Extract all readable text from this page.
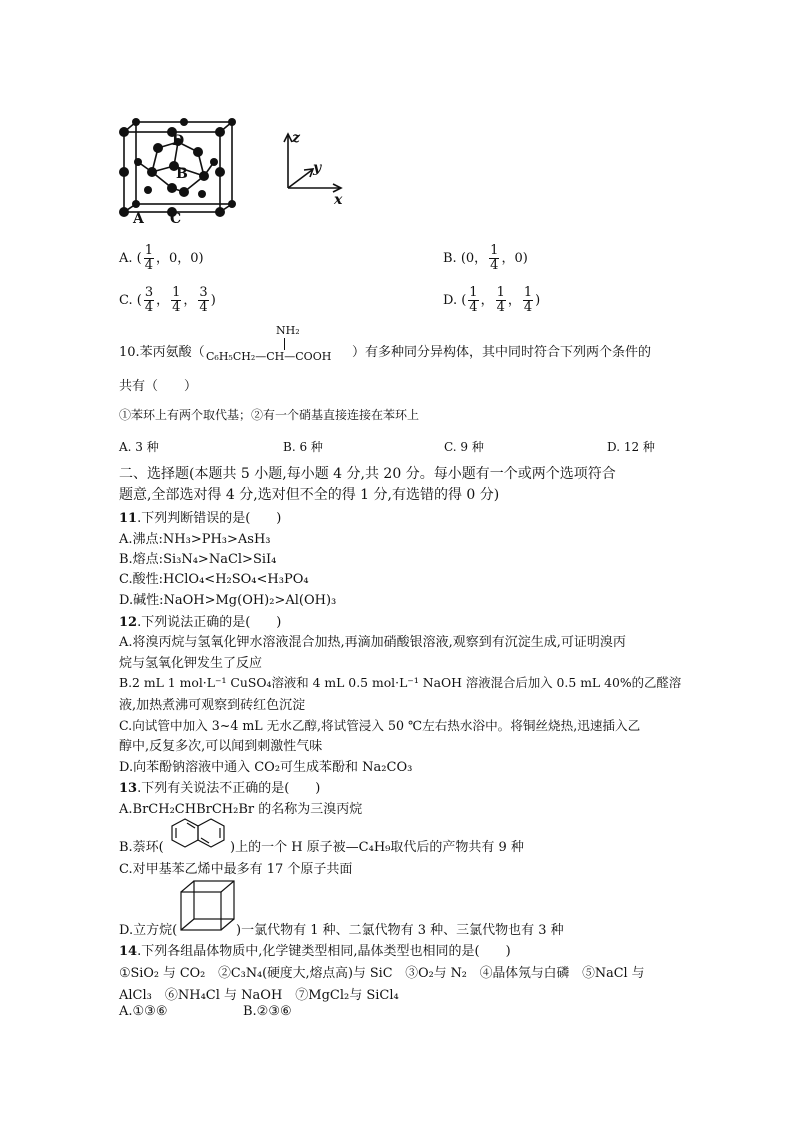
D
B
A C
z
y
x
A. ( $\frac{1}{4}$ ，0，0)	B. (0， $\frac{1}{4}$ ，0)
C. ( $\frac{3}{4}$ ， $\frac{1}{4}$ ， $\frac{3}{4}$ )	D. ( $\frac{1}{4}$ ， $\frac{1}{4}$ ， $\frac{1}{4}$ )
10.苯丙氨酸（
NH₂
C₆H₅CH₂—CH—COOH ）有多种同分异构体，其中同时符合下列两个条件的
共有（　　）
①苯环上有两个取代基；②有一个硝基直接连接在苯环上
A. 3 种	B. 6 种	C. 9 种	D. 12 种
二、选择题(本题共 5 小题,每小题 4 分,共 20 分。每小题有一个或两个选项符合
题意,全部选对得 4 分,选对但不全的得 1 分,有选错的得 0 分)
11.下列判断错误的是(　　)
A.沸点:NH₃>PH₃>AsH₃
B.熔点:Si₃N₄>NaCl>SiI₄
C.酸性:HClO₄<H₂SO₄<H₃PO₄
D.碱性:NaOH>Mg(OH)₂>Al(OH)₃
12.下列说法正确的是(　　)
A.将溴丙烷与氢氧化钾水溶液混合加热,再滴加硝酸银溶液,观察到有沉淀生成,可证明溴丙
烷与氢氧化钾发生了反应
B.2 mL 1 mol·L⁻¹ CuSO₄溶液和 4 mL 0.5 mol·L⁻¹ NaOH 溶液混合后加入 0.5 mL 40%的乙醛溶
液,加热煮沸可观察到砖红色沉淀
C.向试管中加入 3~4 mL 无水乙醇,将试管浸入 50 ℃左右热水浴中。将铜丝烧热,迅速插入乙
醇中,反复多次,可以闻到刺激性气味
D.向苯酚钠溶液中通入 CO₂可生成苯酚和 Na₂CO₃
13.下列有关说法不正确的是(　　)
A.BrCH₂CHBrCH₂Br 的名称为三溴丙烷
B.萘环(	)上的一个 H 原子被—C₄H₉取代后的产物共有 9 种
C.对甲基苯乙烯中最多有 17 个原子共面
D.立方烷(	)一氯代物有 1 种、二氯代物有 3 种、三氯代物也有 3 种
14.下列各组晶体物质中,化学键类型相同,晶体类型也相同的是(　　)
①SiO₂ 与 CO₂　②C₃N₄(硬度大,熔点高)与 SiC　③O₂与 N₂　④晶体氖与白磷　⑤NaCl 与
AlCl₃　⑥NH₄Cl 与 NaOH　⑦MgCl₂与 SiCl₄
A.①③⑥	B.②③⑥
